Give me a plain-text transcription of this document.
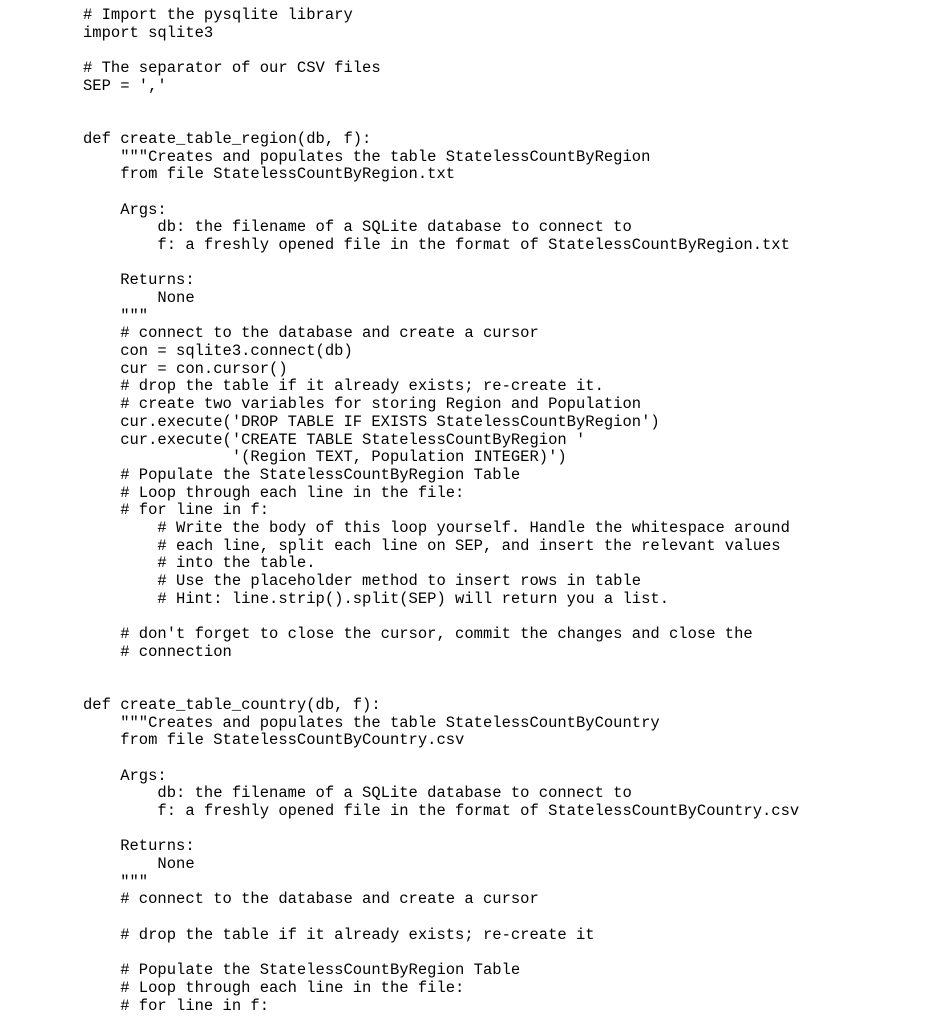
# Import the pysqlite library
import sqlite3
# The separator of our CSV files
SEP = ','
def create_table_region(db, f):
"""Creates and populates the table StatelessCountByRegion
from file StatelessCountByRegion.txt
Args:
db: the filename of a SQLite database to connect to
f: a freshly opened file in the format of StatelessCountByRegion.txt
Returns:
None
"""
# connect to the database and create a cursor
con = sqlite3.connect(db)
cur = con.cursor()
# drop the table if it already exists; re-create it.
# create two variables for storing Region and Population
cur.execute('DROP TABLE IF EXISTS StatelessCountByRegion')
cur.execute('CREATE TABLE StatelessCountByRegion '
'(Region TEXT, Population INTEGER)')
# Populate the StatelessCountByRegion Table
# Loop through each line in the file:
# for line in f:
# Write the body of this loop yourself. Handle the whitespace around
# each line, split each line on SEP, and insert the relevant values
# into the table.
# Use the placeholder method to insert rows in table
# Hint: line.strip().split(SEP) will return you a list.
# don't forget to close the cursor, commit the changes and close the
# connection
def create_table_country(db, f):
"""Creates and populates the table StatelessCountByCountry
from file StatelessCountByCountry.csv
Args:
db: the filename of a SQLite database to connect to
f: a freshly opened file in the format of StatelessCountByCountry.csv
Returns:
None
"""
# connect to the database and create a cursor
# drop the table if it already exists; re-create it
# Populate the StatelessCountByRegion Table
# Loop through each line in the file:
# for line in f:
